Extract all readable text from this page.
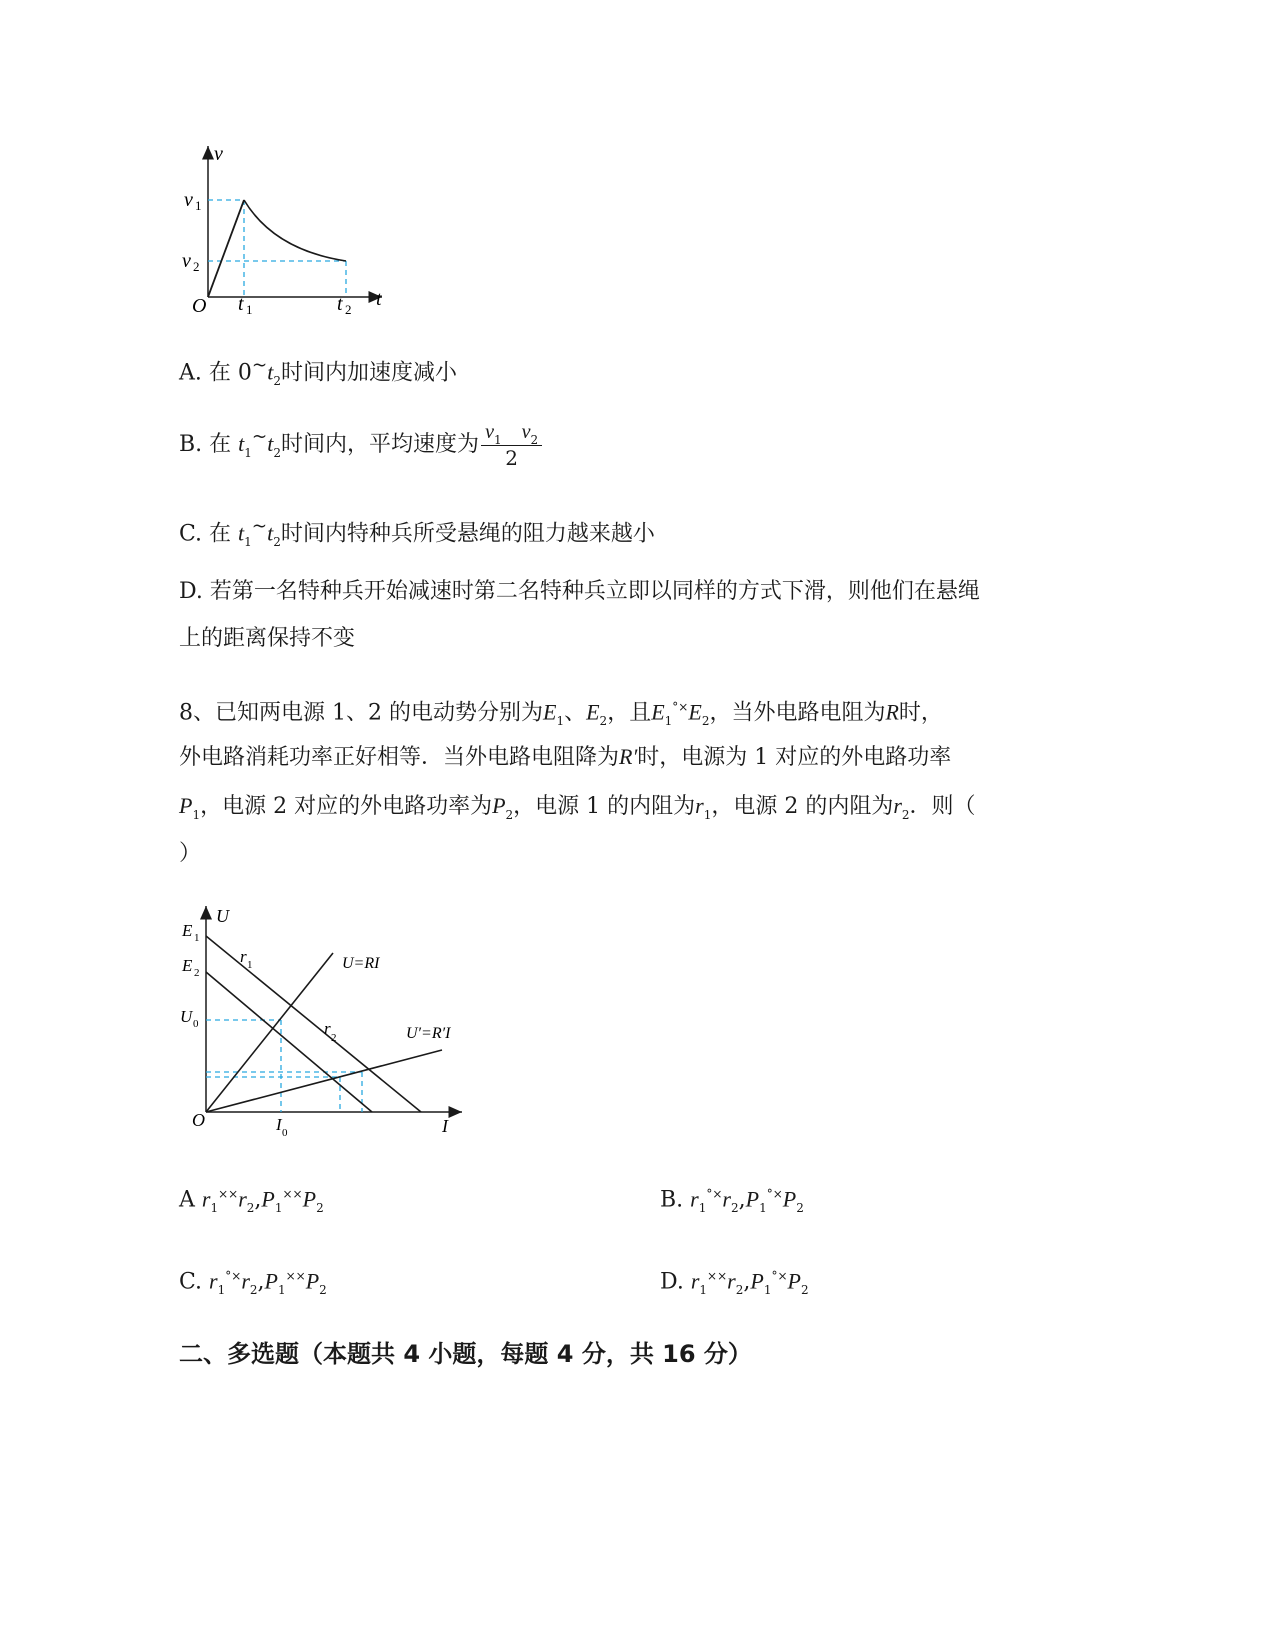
v
t
O
v 1
v 2
t 1	t 2
A. 在 $0^\sim t_2$时间内加速度减小
B. 在 $t_1^\sim t_2$时间内，平均速度为 $\frac{v_1 v_2}{2}$
C. 在 $t_1^\sim t_2$时间内特种兵所受悬绳的阻力越来越小
D. 若第一名特种兵开始减速时第二名特种兵立即以同样的方式下滑，则他们在悬绳
上的距离保持不变
8、已知两电源 1、2 的电动势分别为$E_1$、$E_2$，且$E_1^{^\circ\times}E_2$，当外电路电阻为R时，
外电路消耗功率正好相等．当外电路电阻降为R′时，电源为 1 对应的外电路功率
$P_1$，电源 2 对应的外电路功率为$P_2$，电源 1 的内阻为$r_1$，电源 2 的内阻为$r_2$．则（
）
U
I
O
E 1
E 2
U 0
I 0
r 1
r 2
U=RI
U′=R′I
A $r_1^{\times\times}r_2,P_1^{\times\times}P_2$	B. $r_1^{^\circ\times}r_2,P_1^{^\circ\times}P_2$
C. $r_1^{^\circ\times}r_2,P_1^{\times\times}P_2$	D. $r_1^{\times\times}r_2,P_1^{^\circ\times}P_2$
二、多选题（本题共 4 小题，每题 4 分，共 16 分）
